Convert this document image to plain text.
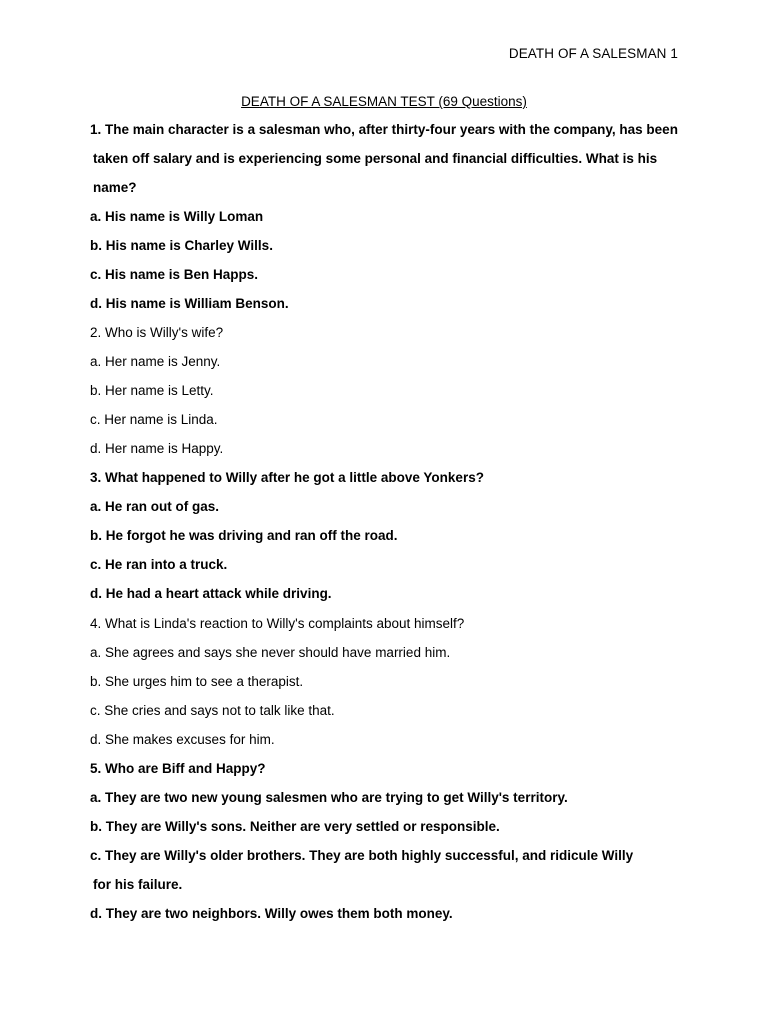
DEATH OF A SALESMAN 1
DEATH OF A SALESMAN TEST (69 Questions)
1. The main character is a salesman who, after thirty-four years with the company, has been
taken off salary and is experiencing some personal and financial difficulties. What is his
name?
a. His name is Willy Loman
b. His name is Charley Wills.
c. His name is Ben Happs.
d. His name is William Benson.
2. Who is Willy's wife?
a. Her name is Jenny.
b. Her name is Letty.
c. Her name is Linda.
d. Her name is Happy.
3. What happened to Willy after he got a little above Yonkers?
a. He ran out of gas.
b. He forgot he was driving and ran off the road.
c. He ran into a truck.
d. He had a heart attack while driving.
4. What is Linda's reaction to Willy's complaints about himself?
a. She agrees and says she never should have married him.
b. She urges him to see a therapist.
c. She cries and says not to talk like that.
d. She makes excuses for him.
5. Who are Biff and Happy?
a. They are two new young salesmen who are trying to get Willy's territory.
b. They are Willy's sons. Neither are very settled or responsible.
c. They are Willy's older brothers. They are both highly successful, and ridicule Willy
for his failure.
d. They are two neighbors. Willy owes them both money.
